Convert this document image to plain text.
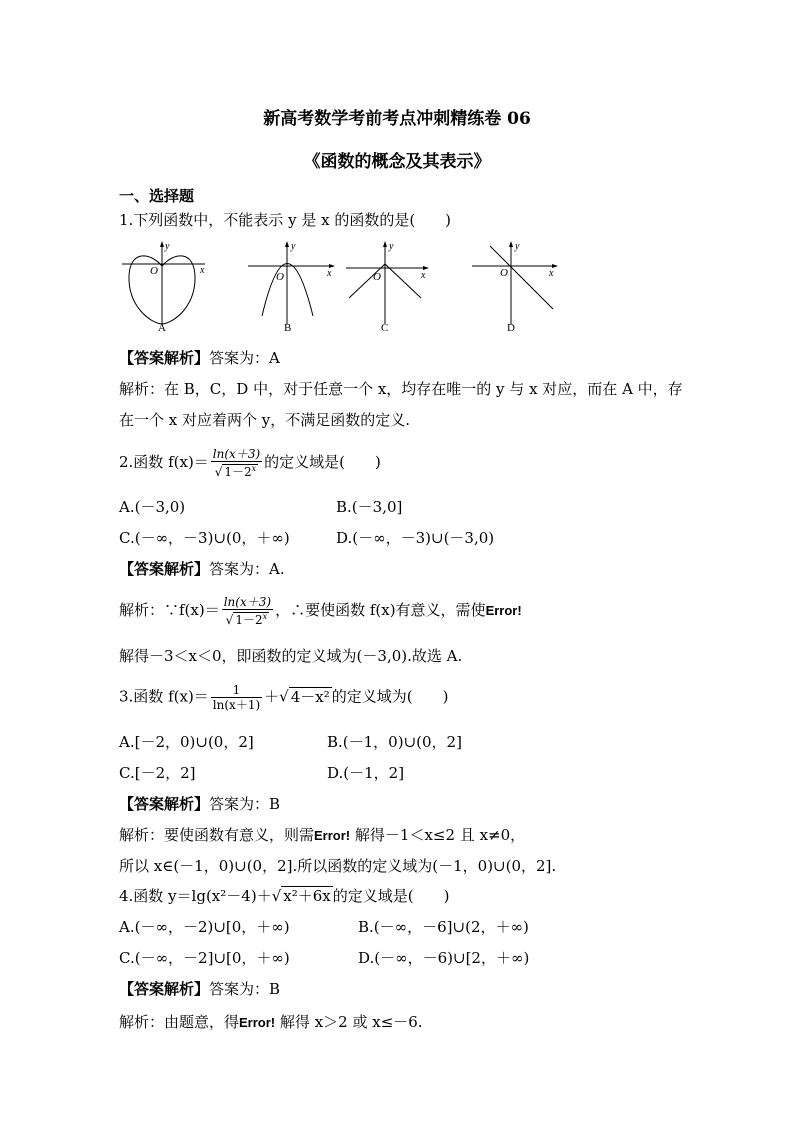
新高考数学考前考点冲刺精练卷 06
《函数的概念及其表示》
一、选择题
1.下列函数中，不能表示 y 是 x 的函数的是(　　)
y
x
O
A
y
x
O
B
y
x
O
C
y
x
O
D
【答案解析】答案为：A
解析：在 B，C，D 中，对于任意一个 x，均存在唯一的 y 与 x 对应，而在 A 中，存
在一个 x 对应着两个 y，不满足函数的定义.
2.函数 $f(x)= \frac{\ln(x+3)}{√ 1-2^x}$ 的定义域是(　　)
A.(－3,0)	B.(－3,0]
C.(－∞，－3)∪(0，＋∞)	D.(－∞，－3)∪(－3,0)
【答案解析】答案为：A.
解析：∵f(x)＝ $\frac{\ln(x+3)}{√ 1-2^x}$ ，∴要使函数 f(x)有意义，需使Error!
解得－3＜x＜0，即函数的定义域为(－3,0).故选 A.
3.函数 $f(x)= \frac{1}{\ln(x+1)}$ ＋√ 4－x² 的定义域为(　　)
A.[－2，0)∪(0，2]	B.(－1，0)∪(0，2]
C.[－2，2]	D.(－1，2]
【答案解析】答案为：B
解析：要使函数有意义，则需Error! 解得－1＜x≤2 且 x≠0，
所以 x∈(－1，0)∪(0，2].所以函数的定义域为(－1，0)∪(0，2].
4.函数 y＝lg(x²－4)＋√ x²＋6x 的定义域是(　　)
A.(－∞，－2)∪[0，＋∞)	B.(－∞，－6]∪(2，＋∞)
C.(－∞，－2]∪[0，＋∞)	D.(－∞，－6)∪[2，＋∞)
【答案解析】答案为：B
解析：由题意，得Error! 解得 x＞2 或 x≤－6.
